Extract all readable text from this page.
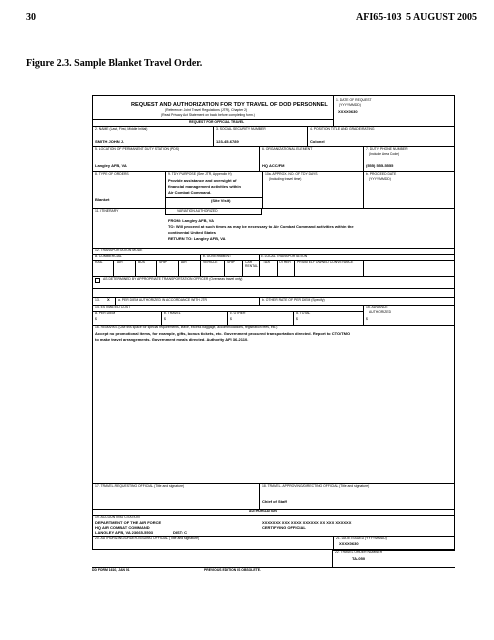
30	AFI65-103 5 AUGUST 2005
Figure 2.3. Sample Blanket Travel Order.
REQUEST AND AUTHORIZATION FOR TDY TRAVEL OF DOD PERSONNEL
(Reference: Joint Travel Regulations (JTR), Chapter 2)
(Read Privacy Act Statement on back before completing form.)
REQUEST FOR OFFICIAL TRAVEL
1. DATE OF REQUEST
(YYYYMMDD)
XXXX0630
2. NAME (Last, First, Middle Initial)
SMITH JOHN J.
3. SOCIAL SECURITY NUMBER
123-45-6789
4. POSITION TITLE AND GRADE/RATING
Colonel
5. LOCATION OF PERMANENT DUTY STATION (PDS)
Langley AFB, VA
6. ORGANIZATIONAL ELEMENT
HQ ACC/FM
7. DUTY PHONE NUMBER
(Include Area Code)
(555) 555-5555
8. TYPE OF ORDERS
Blanket
9. TDY PURPOSE (See JTR, Appendix H)
Provide assistance and oversight of
financial management activities within
Air Combat Command.
(Site Visit)
10a. APPROX. NO. OF TDY DAYS
(Including travel time)
b. PROCEED DATE
(YYYYMMDD)
11. ITINERARY	VARIATION AUTHORIZED
FROM: Langley AFB, VA
TO: Will proceed at such times as may be necessary to Air Combat Command activities within the
continental United States
RETURN TO: Langley AFB, VA
12. TRANSPORTATION MODE
a. COMMERCIAL	b. GOVERNMENT	c. LOCAL TRANSPORTATION
RAIL	AIR	BUS	SHIP	AIR	VEHICLE	SHIP	CAR RENTAL
TAXI	OTHER PRIVATELY OWNED CONVEYANCE
AS DETERMINED BY APPROPRIATE TRANSPORTATION OFFICER (Overseas travel only)
13. X a. PER DIEM AUTHORIZED IN ACCORDANCE WITH JTR	b. OTHER RATE OF PER DIEM (Specify)
14. ESTIMATED COST
a. PER DIEM
$
b. TRAVEL
$
c. OTHER
$
d. TOTAL
$
15. ADVANCE
AUTHORIZED
$
16. REMARKS (Use this space for special requirements, leave, excess baggage, accommodations, registration fees, etc.)
Accept no promotional items, for example, gifts, bonus tickets, etc. Government procured transportation directed. Report to CTO/TMO
to make travel arrangements. Government meals directed. Authority AFI 36-2110.
17. TRAVEL-REQUESTING OFFICIAL (Title and signature)	18. TRAVEL- APPROVING/DIRECTING OFFICIAL (Title and signature)
Chief of Staff
AUTHORIZATION
19. ACCOUNTING CITATION
DEPARTMENT OF THE AIR FORCE
HQ AIR COMBAT COMMAND
LANGLEY AFB, VA 23665-5503	DIST: C
XXXXXXX XXX XXXX XXXXXX XX XXX XXXXXX
CERTIFYING OFFICIAL
20. AUTHORIZING/ORDER-ISSUING OFFICIAL (Title and signature)	21. DATE ISSUED (YYYYMMDD)
XXXX0630
22. TRAVEL ORDER NUMBER
TA-050
DD FORM 1610, JAN 01	PREVIOUS EDITION IS OBSOLETE.
